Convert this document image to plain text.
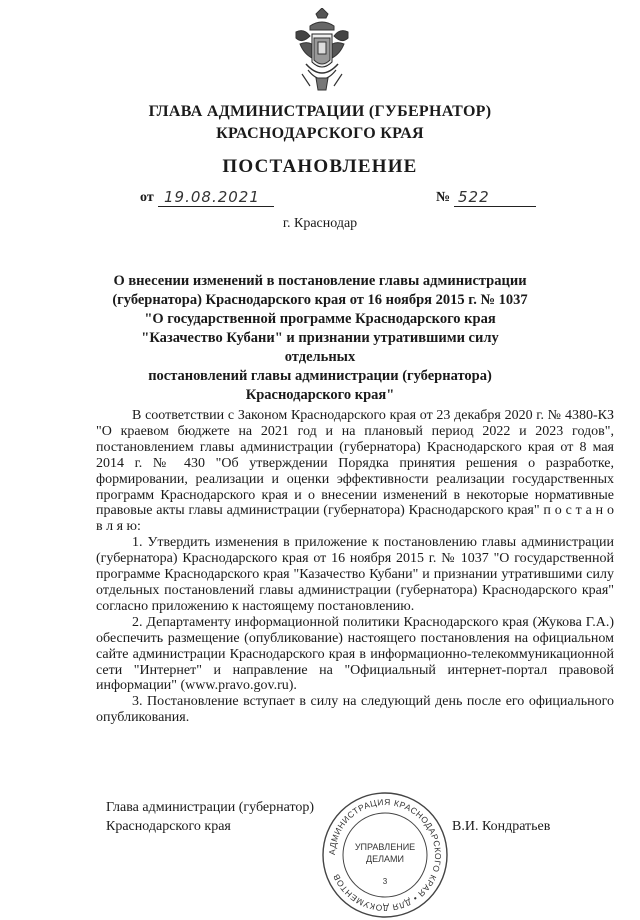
ГЛАВА АДМИНИСТРАЦИИ (ГУБЕРНАТОР)
КРАСНОДАРСКОГО КРАЯ
ПОСТАНОВЛЕНИЕ
от 19.08.2021	№ 522
г. Краснодар
О внесении изменений в постановление главы администрации
(губернатора) Краснодарского края от 16 ноября 2015 г. № 1037
"О государственной программе Краснодарского края
"Казачество Кубани" и признании утратившими силу отдельных
постановлений главы администрации (губернатора)
Краснодарского края"
В соответствии с Законом Краснодарского края от 23 декабря 2020 г. № 4380-КЗ "О краевом бюджете на 2021 год и на плановый период 2022 и 2023 годов", постановлением главы администрации (губернатора) Краснодарского края от 8 мая 2014 г. № 430 "Об утверждении Порядка принятия решения о разработке, формировании, реализации и оценки эффективности реализации государственных программ Краснодарского края и о внесении изменений в некоторые нормативные правовые акты главы администрации (губернатора) Краснодарского края" п о с т а н о в л я ю:
1. Утвердить изменения в приложение к постановлению главы администрации (губернатора) Краснодарского края от 16 ноября 2015 г. № 1037 "О государственной программе Краснодарского края "Казачество Кубани" и признании утратившими силу отдельных постановлений главы администрации (губернатора) Краснодарского края" согласно приложению к настоящему постановлению.
2. Департаменту информационной политики Краснодарского края (Жукова Г.А.) обеспечить размещение (опубликование) настоящего постановления на официальном сайте администрации Краснодарского края в информационно-телекоммуникационной сети "Интернет" и направление на "Официальный интернет-портал правовой информации" (www.pravo.gov.ru).
3. Постановление вступает в силу на следующий день после его официального опубликования.
Глава администрации (губернатор)
Краснодарского края	В.И. Кондратьев
АДМИНИСТРАЦИЯ КРАСНОДАРСКОГО КРАЯ • ДЛЯ ДОКУМЕНТОВ
УПРАВЛЕНИЕ
ДЕЛАМИ
3
